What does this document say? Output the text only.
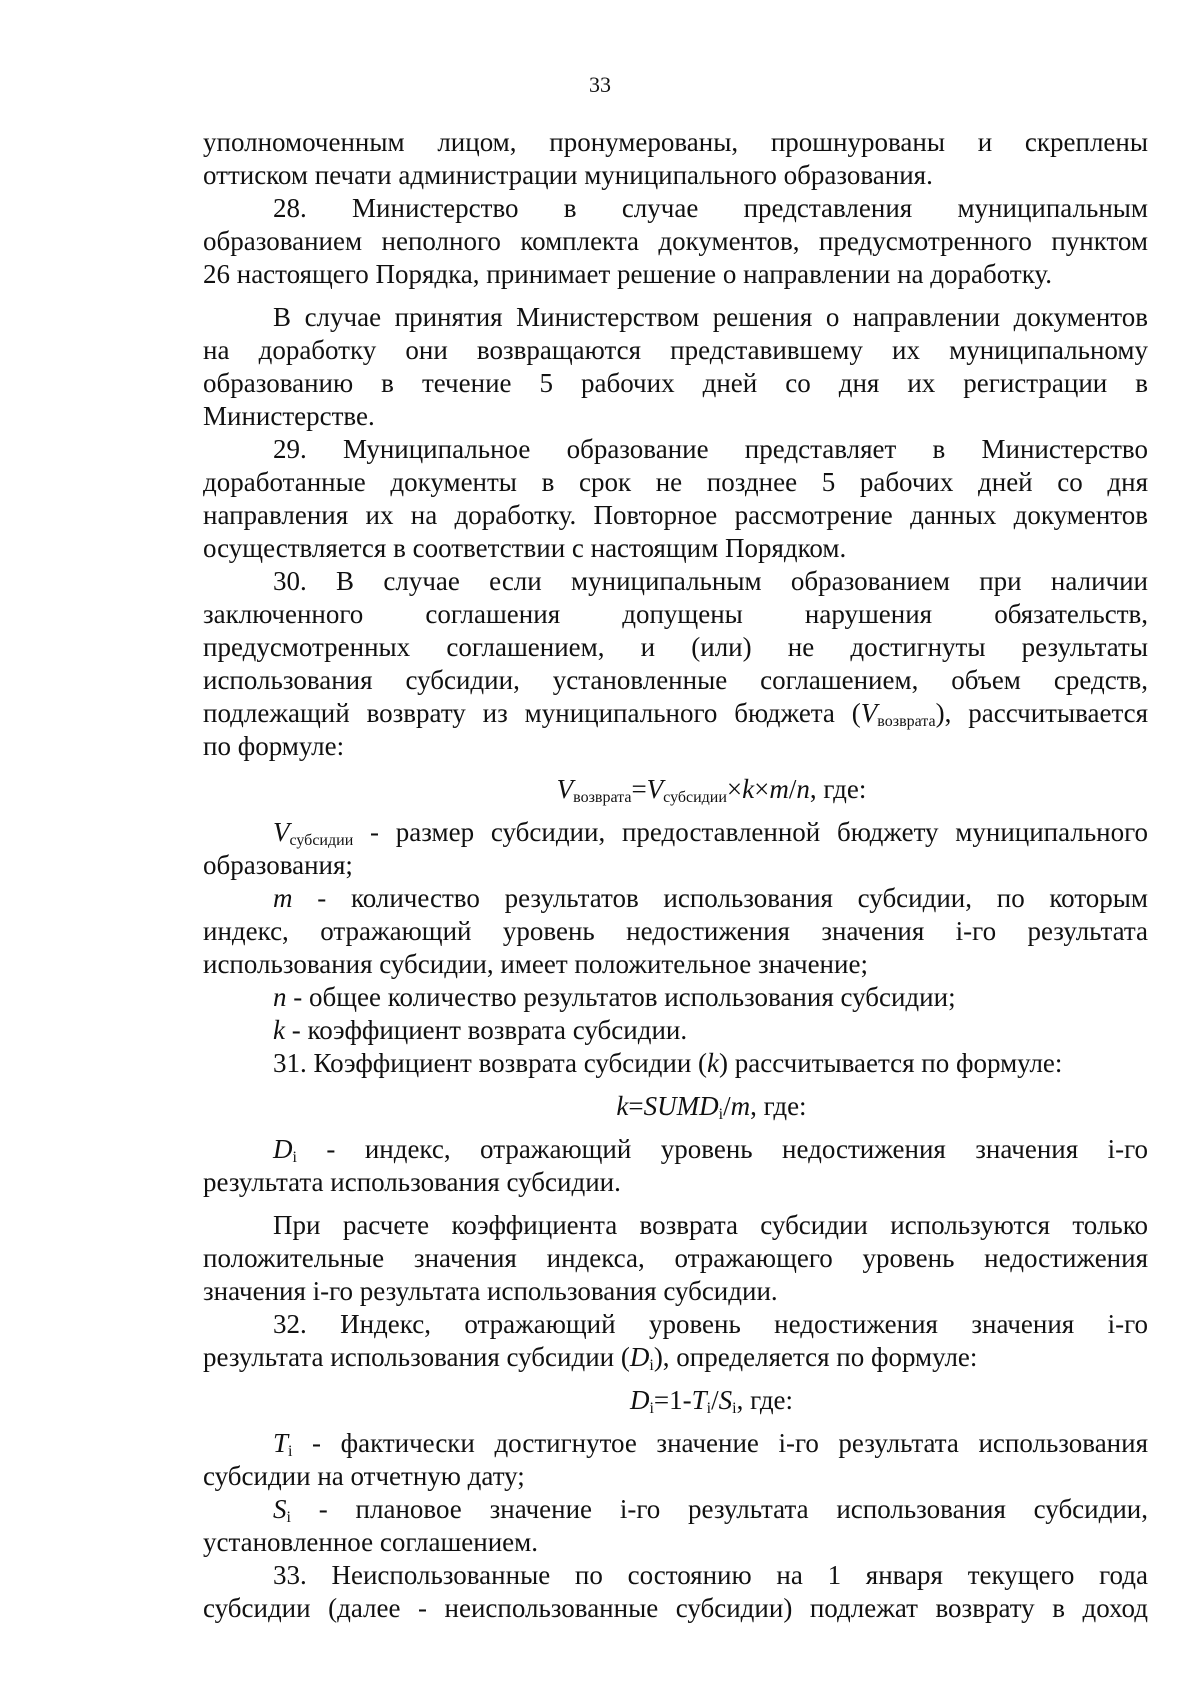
33
уполномоченным лицом, пронумерованы, прошнурованы и скреплены
оттиском печати администрации муниципального образования.
28. Министерство в случае представления муниципальным
образованием неполного комплекта документов, предусмотренного пунктом
26 настоящего Порядка, принимает решение о направлении на доработку.
В случае принятия Министерством решения о направлении документов
на доработку они возвращаются представившему их муниципальному
образованию в течение 5 рабочих дней со дня их регистрации в
Министерстве.
29. Муниципальное образование представляет в Министерство
доработанные документы в срок не позднее 5 рабочих дней со дня
направления их на доработку. Повторное рассмотрение данных документов
осуществляется в соответствии с настоящим Порядком.
30. В случае если муниципальным образованием при наличии
заключенного соглашения допущены нарушения обязательств,
предусмотренных соглашением, и (или) не достигнуты результаты
использования субсидии, установленные соглашением, объем средств,
подлежащий возврату из муниципального бюджета $(V_{возврата})$, рассчитывается
по формуле:
$V_{возврата}=V_{субсидии}\times k\times m/n$, где:
$V_{субсидии}$ - размер субсидии, предоставленной бюджету муниципального
образования;
m - количество результатов использования субсидии, по которым
индекс, отражающий уровень недостижения значения i-го результата
использования субсидии, имеет положительное значение;
n - общее количество результатов использования субсидии;
k - коэффициент возврата субсидии.
31. Коэффициент возврата субсидии (k) рассчитывается по формуле:
$k=SUMD_i/m$, где:
$D_i$ - индекс, отражающий уровень недостижения значения i-го
результата использования субсидии.
При расчете коэффициента возврата субсидии используются только
положительные значения индекса, отражающего уровень недостижения
значения i-го результата использования субсидии.
32. Индекс, отражающий уровень недостижения значения i-го
результата использования субсидии $(D_i)$, определяется по формуле:
$D_i=1-T_i/S_i$, где:
$T_i$ - фактически достигнутое значение i-го результата использования
субсидии на отчетную дату;
$S_i$ - плановое значение i-го результата использования субсидии,
установленное соглашением.
33. Неиспользованные по состоянию на 1 января текущего года
субсидии (далее - неиспользованные субсидии) подлежат возврату в доход
